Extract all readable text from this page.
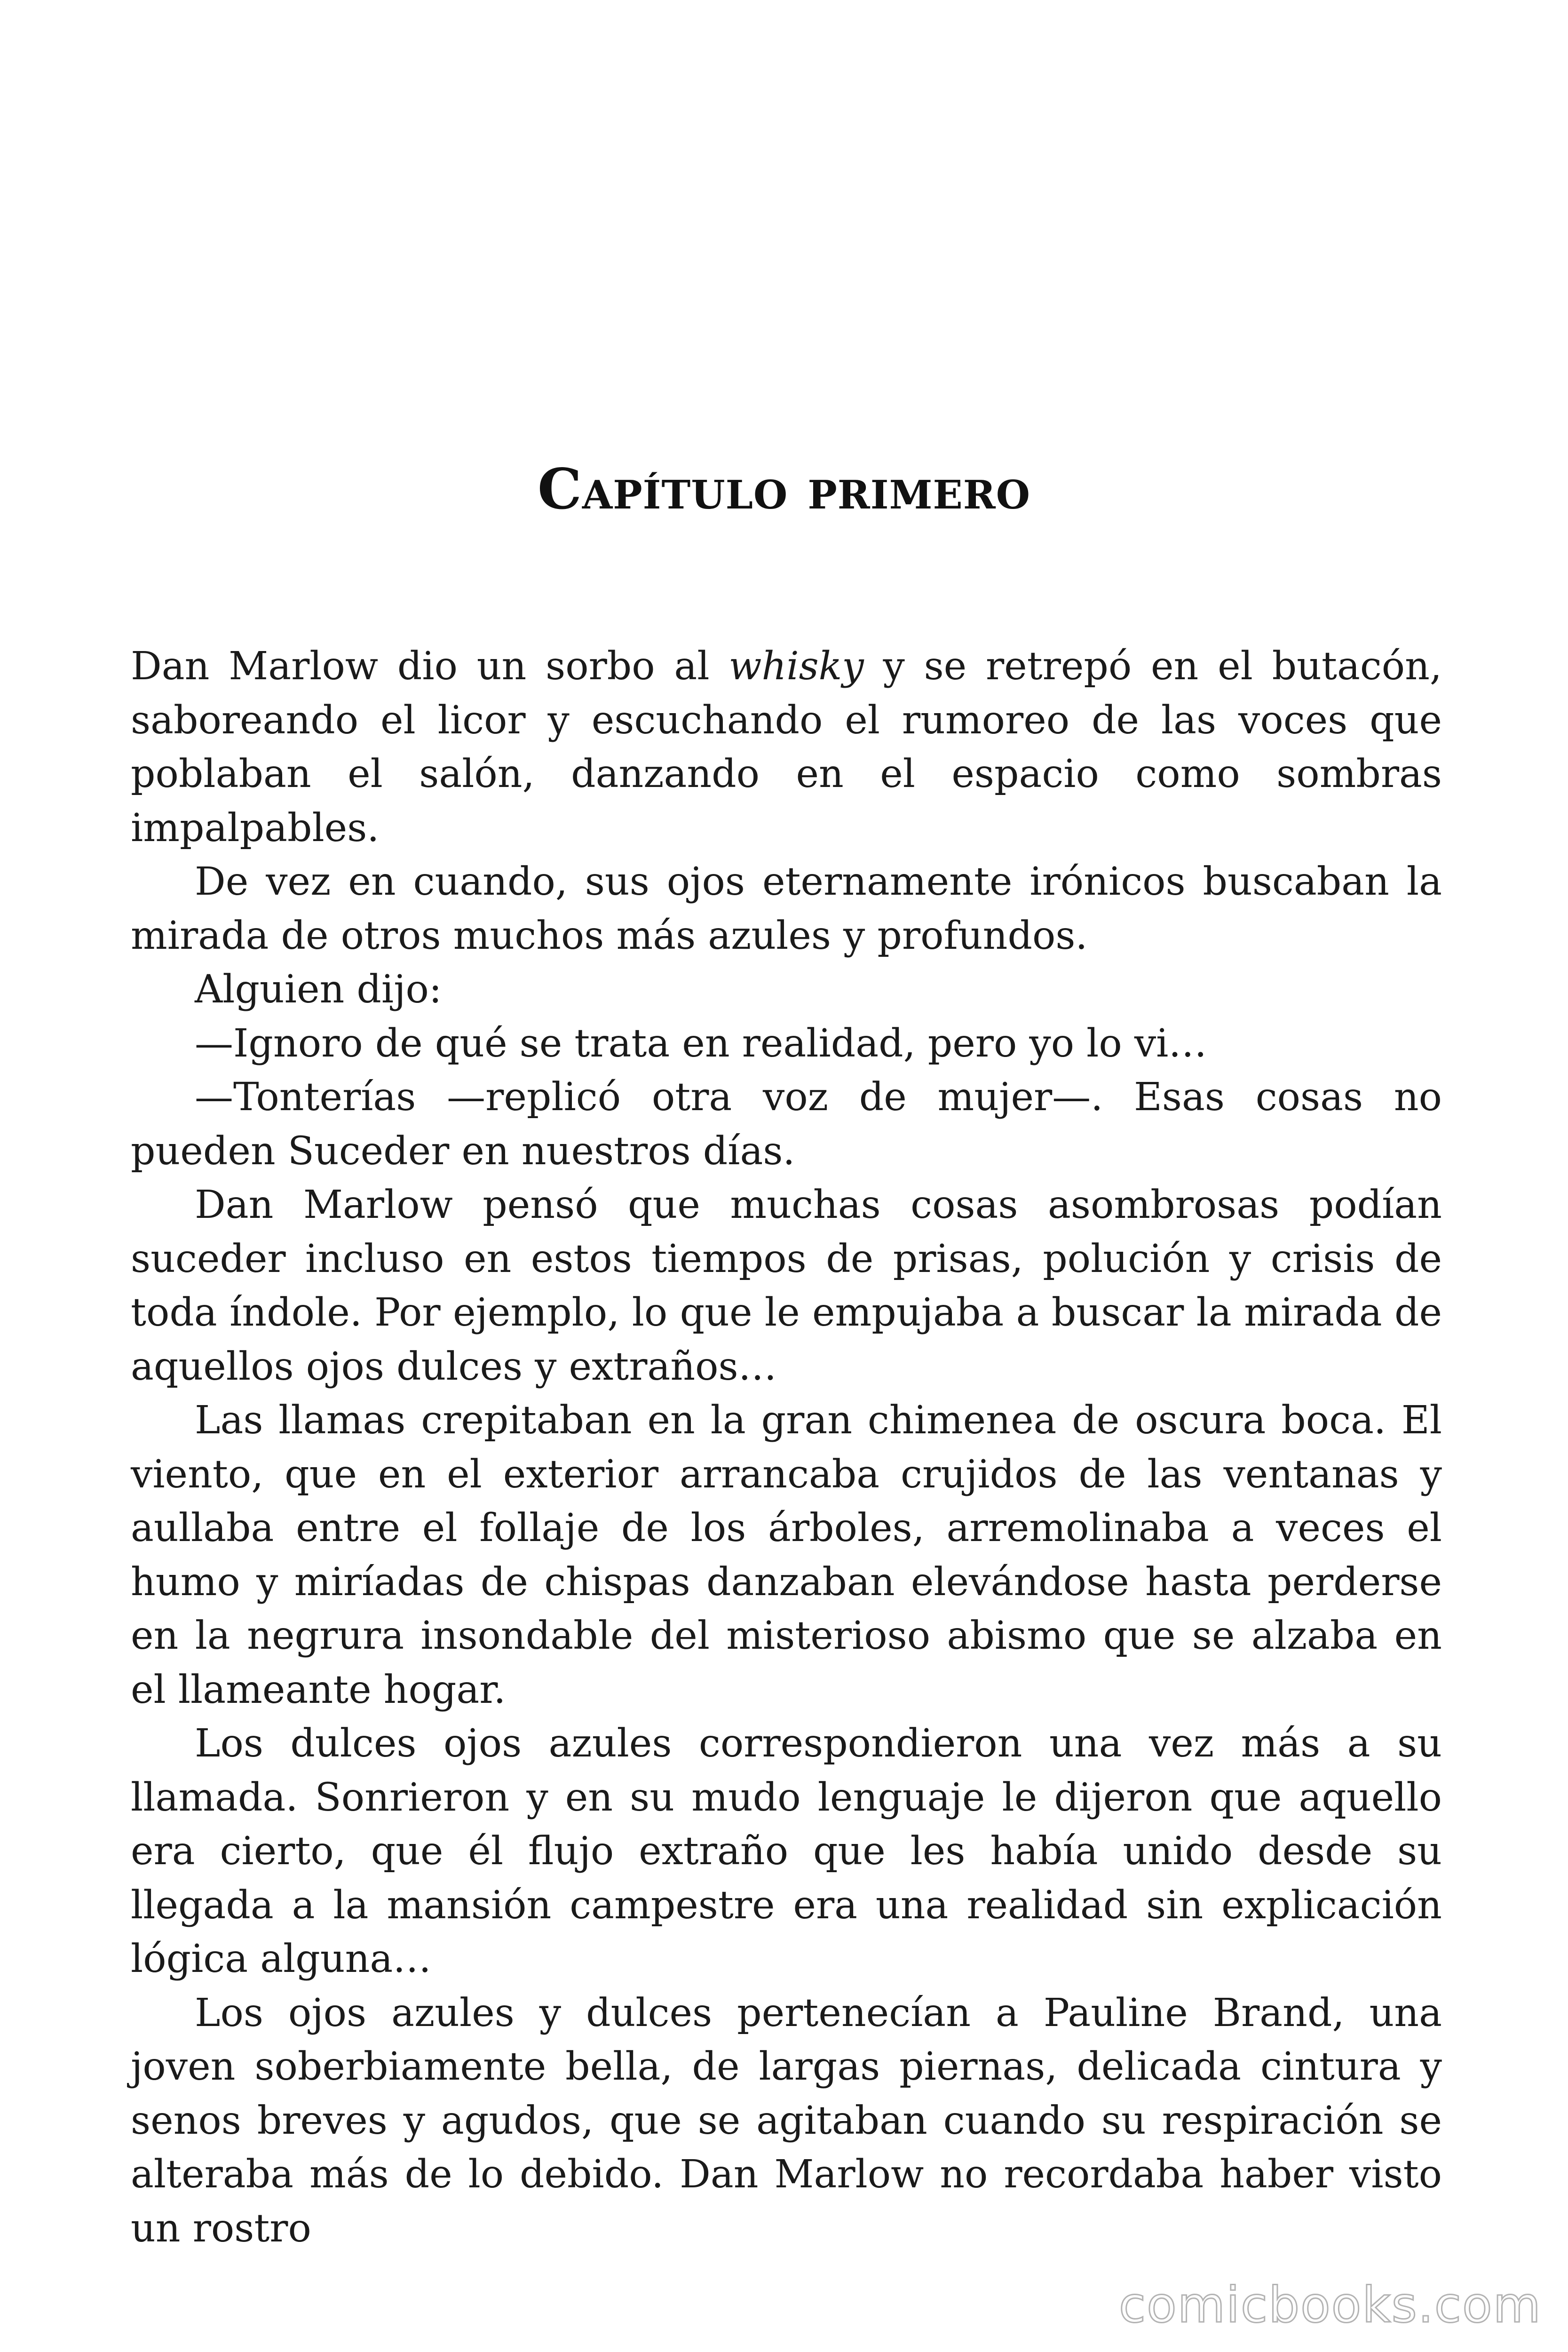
Capítulo primero

Dan Marlow dio un sorbo al whisky y se retrepó en el butacón, saboreando el licor y escuchando el rumoreo de las voces que poblaban el salón, danzando en el espacio como sombras impalpables.

De vez en cuando, sus ojos eternamente irónicos buscaban la mirada de otros muchos más azules y profundos.

Alguien dijo:

—Ignoro de qué se trata en realidad, pero yo lo vi…

—Tonterías —replicó otra voz de mujer—. Esas cosas no pueden Suceder en nuestros días.

Dan Marlow pensó que muchas cosas asombrosas podían suceder incluso en estos tiempos de prisas, polución y crisis de toda índole. Por ejemplo, lo que le empujaba a buscar la mirada de aquellos ojos dulces y extraños…

Las llamas crepitaban en la gran chimenea de oscura boca. El viento, que en el exterior arrancaba crujidos de las ventanas y aullaba entre el follaje de los árboles, arremolinaba a veces el humo y miríadas de chispas danzaban elevándose hasta perderse en la negrura insondable del misterioso abismo que se alzaba en el llameante hogar.

Los dulces ojos azules correspondieron una vez más a su llamada. Sonrieron y en su mudo lenguaje le dijeron que aquello era cierto, que él flujo extraño que les había unido desde su llegada a la mansión campestre era una realidad sin explicación lógica alguna…

Los ojos azules y dulces pertenecían a Pauline Brand, una joven soberbiamente bella, de largas piernas, delicada cintura y senos breves y agudos, que se agitaban cuando su respiración se alteraba más de lo debido. Dan Marlow no recordaba haber visto un rostro

comicbooks.com
